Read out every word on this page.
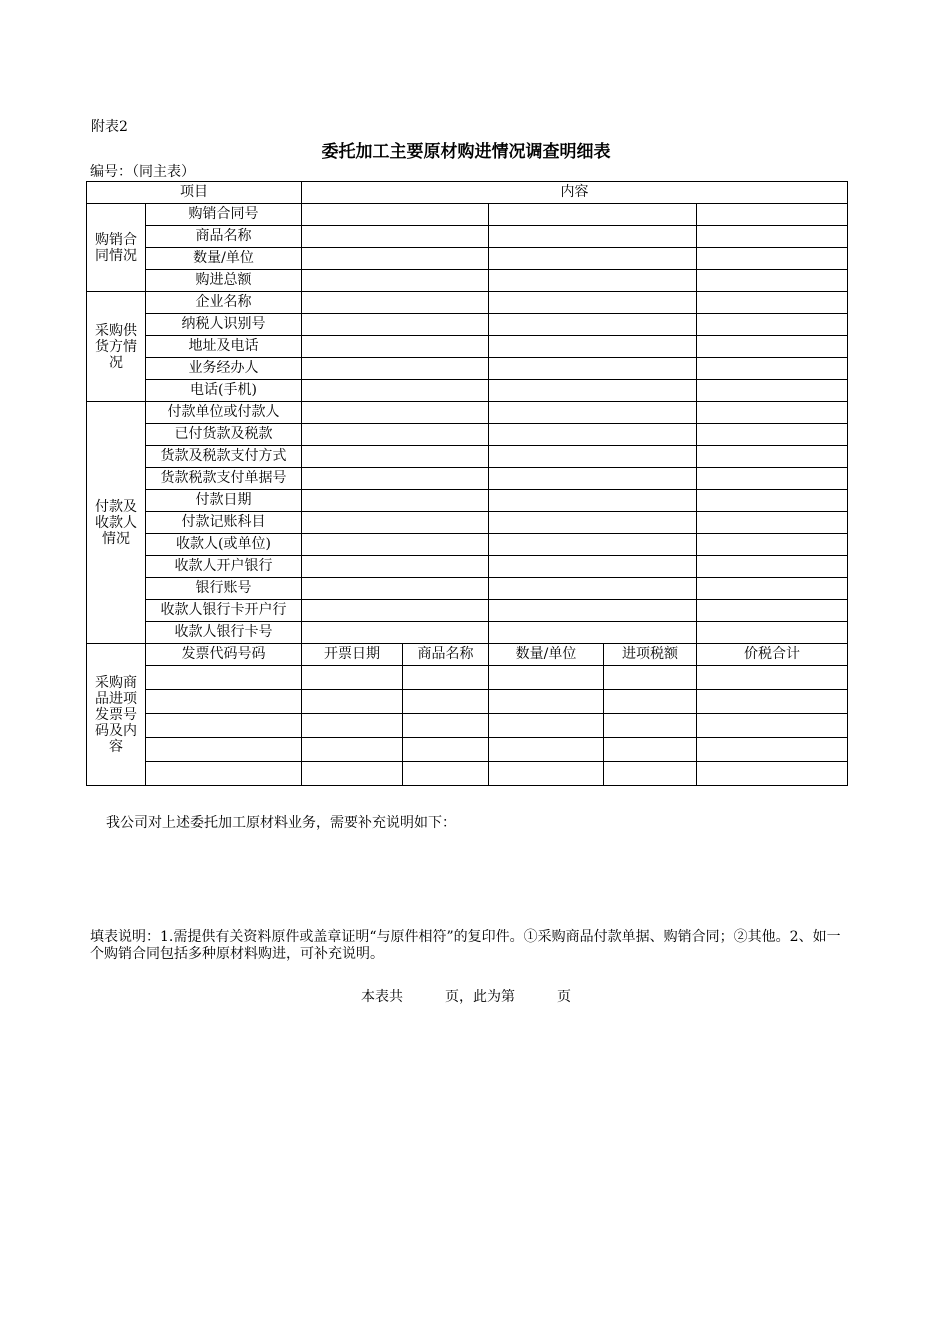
附表2
委托加工主要原材购进情况调查明细表
编号：（同主表）
项目		内容				
购销合同情况	购销合同号					
	商品名称					
	数量/单位					
	购进总额					
采购供货方情况	企业名称					
	纳税人识别号					
	地址及电话					
	业务经办人					
	电话(手机)					
付款及收款人情况	付款单位或付款人					
	已付货款及税款					
	货款及税款支付方式					
	货款税款支付单据号					
	付款日期					
	付款记账科目					
	收款人(或单位)					
	收款人开户银行					
	银行账号					
	收款人银行卡开户行					
	收款人银行卡号					
采购商品进项发票号码及内容	发票代码号码	开票日期	商品名称	数量/单位	进项税额	价税合计

我公司对上述委托加工原材料业务，需要补充说明如下：
填表说明：1.需提供有关资料原件或盖章证明“与原件相符”的复印件。①采购商品付款单据、购销合同；②其他。2、如一个购销合同包括多种原材料购进，可补充说明。
本表共　　　页，此为第　　　页
